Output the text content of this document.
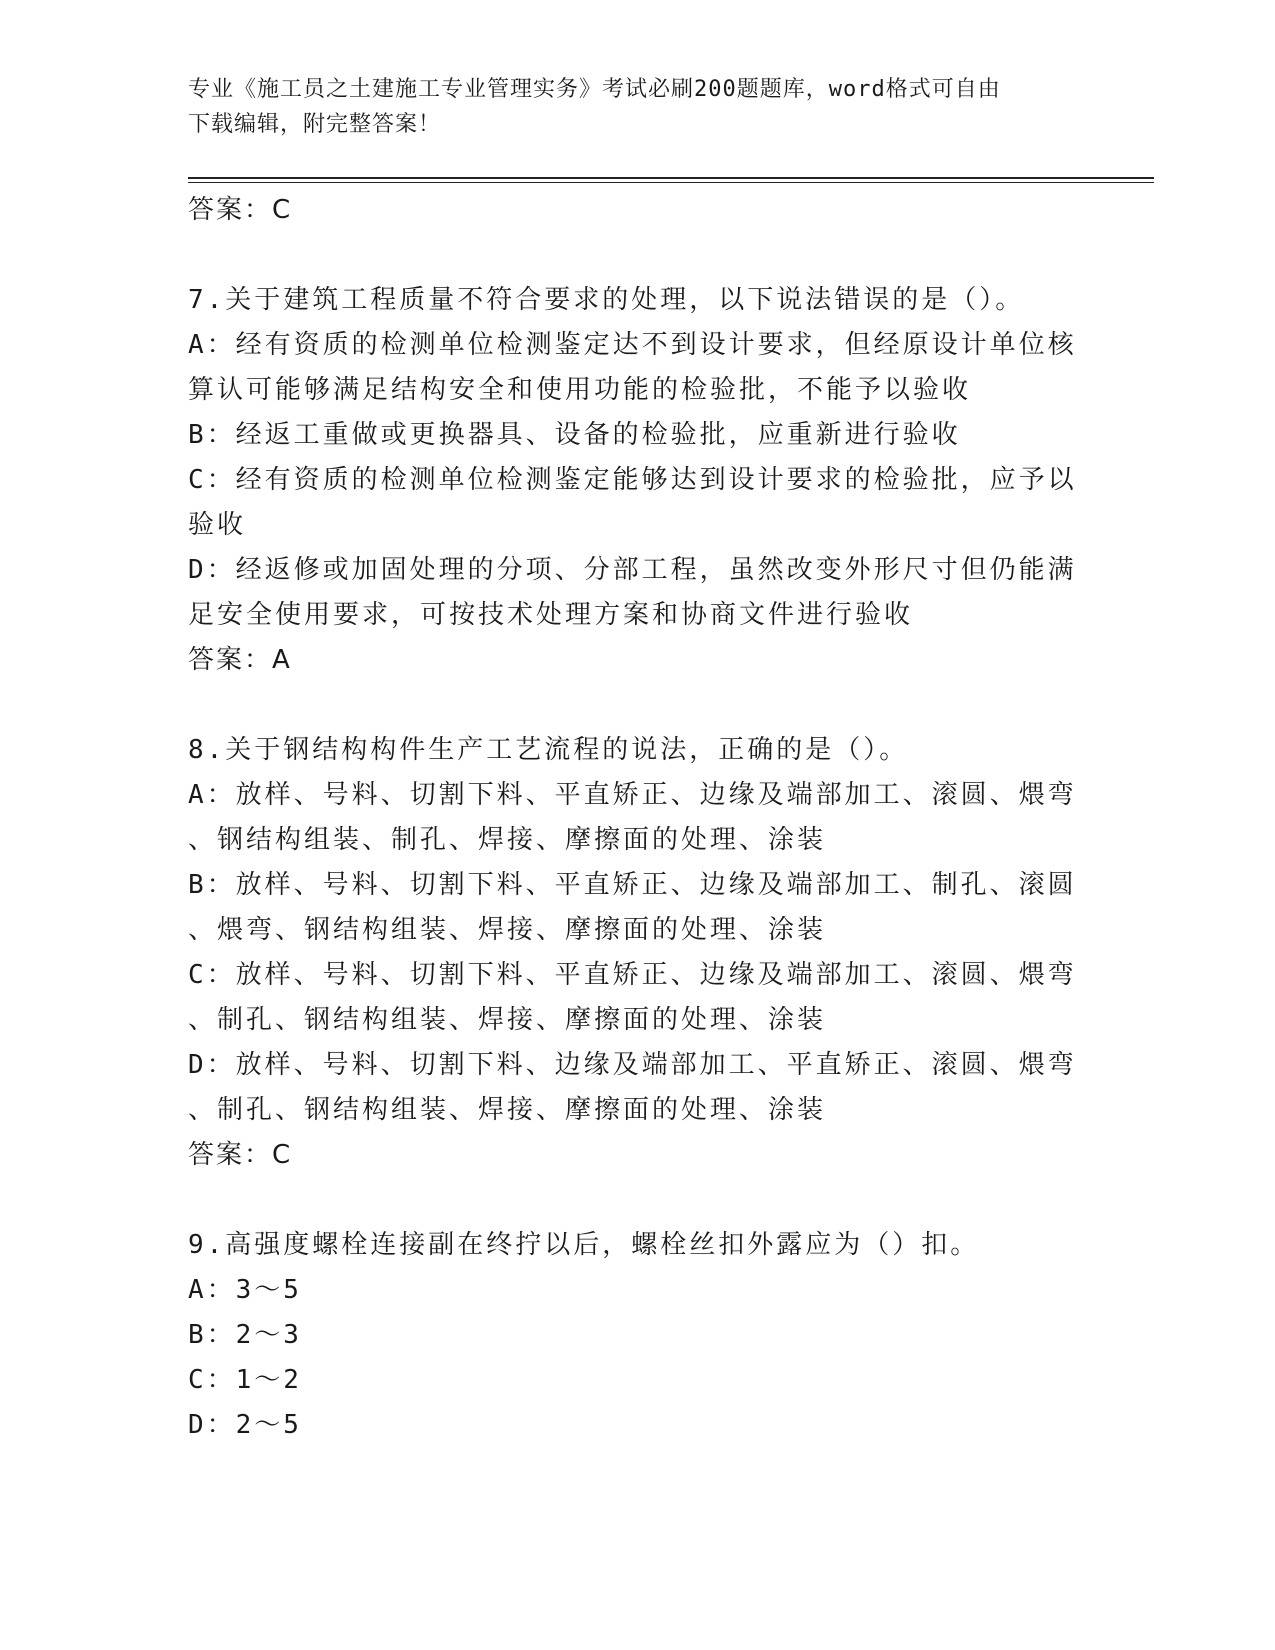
专业《施工员之土建施工专业管理实务》考试必刷200题题库，word格式可自由
下载编辑，附完整答案！
答案：C
7.关于建筑工程质量不符合要求的处理，以下说法错误的是（）。
A：经有资质的检测单位检测鉴定达不到设计要求，但经原设计单位核
算认可能够满足结构安全和使用功能的检验批，不能予以验收
B：经返工重做或更换器具、设备的检验批，应重新进行验收
C：经有资质的检测单位检测鉴定能够达到设计要求的检验批，应予以
验收
D：经返修或加固处理的分项、分部工程，虽然改变外形尺寸但仍能满
足安全使用要求，可按技术处理方案和协商文件进行验收
答案：A
8.关于钢结构构件生产工艺流程的说法，正确的是（）。
A：放样、号料、切割下料、平直矫正、边缘及端部加工、滚圆、煨弯
、钢结构组装、制孔、焊接、摩擦面的处理、涂装
B：放样、号料、切割下料、平直矫正、边缘及端部加工、制孔、滚圆
、煨弯、钢结构组装、焊接、摩擦面的处理、涂装
C：放样、号料、切割下料、平直矫正、边缘及端部加工、滚圆、煨弯
、制孔、钢结构组装、焊接、摩擦面的处理、涂装
D：放样、号料、切割下料、边缘及端部加工、平直矫正、滚圆、煨弯
、制孔、钢结构组装、焊接、摩擦面的处理、涂装
答案：C
9.高强度螺栓连接副在终拧以后，螺栓丝扣外露应为（）扣。
A：3～5
B：2～3
C：1～2
D：2～5
